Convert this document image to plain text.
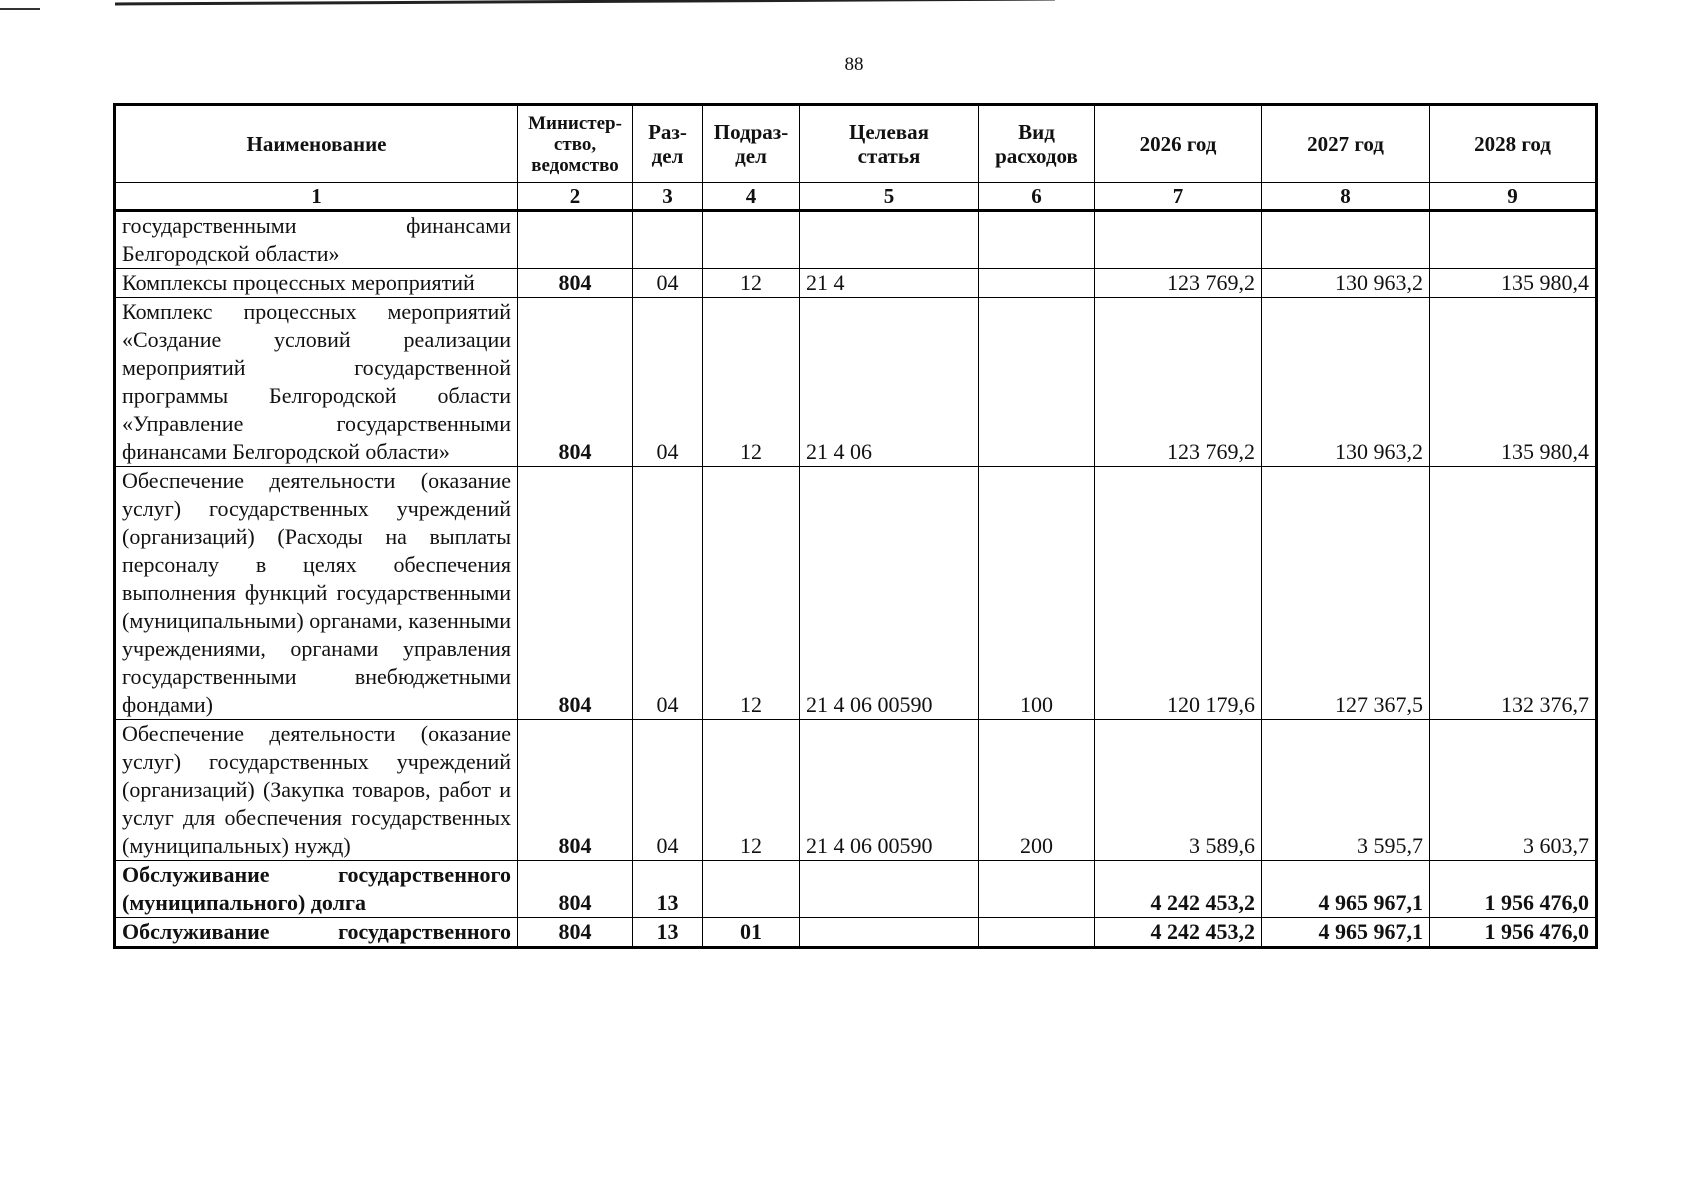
88
Наименование	Министер-ство, ведомство	Раз-дел	Подраз-дел	Целевая статья	Вид расходов	2026 год	2027 год	2028 год
1	2	3	4	5	6	7	8	9
государственными финансами Белгородской области»								
Комплексы процессных мероприятий	804	04	12	21 4		123 769,2	130 963,2	135 980,4
Комплекс процессных мероприятий «Создание условий реализации мероприятий государственной программы Белгородской области «Управление государственными финансами Белгородской области»	804	04	12	21 4 06		123 769,2	130 963,2	135 980,4
Обеспечение деятельности (оказание услуг) государственных учреждений (организаций) (Расходы на выплаты персоналу в целях обеспечения выполнения функций государственными (муниципальными) органами, казенными учреждениями, органами управления государственными внебюджетными фондами)	804	04	12	21 4 06 00590	100	120 179,6	127 367,5	132 376,7
Обеспечение деятельности (оказание услуг) государственных учреждений (организаций) (Закупка товаров, работ и услуг для обеспечения государственных (муниципальных) нужд)	804	04	12	21 4 06 00590	200	3 589,6	3 595,7	3 603,7
Обслуживание государственного (муниципального) долга	804	13				4 242 453,2	4 965 967,1	1 956 476,0
Обслуживание государственного	804	13	01			4 242 453,2	4 965 967,1	1 956 476,0
